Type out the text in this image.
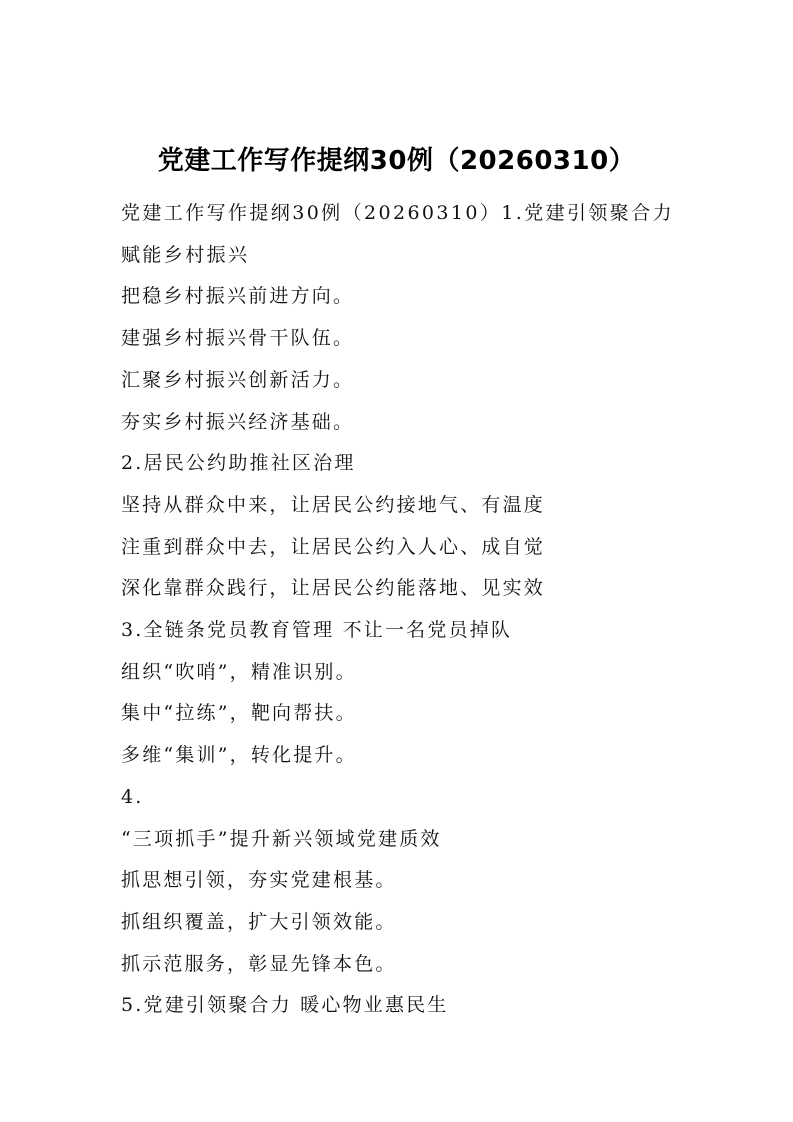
党建工作写作提纲30例（20260310）

党建工作写作提纲30例（20260310）1.党建引领聚合力 赋能乡村振兴

把稳乡村振兴前进方向。

建强乡村振兴骨干队伍。

汇聚乡村振兴创新活力。

夯实乡村振兴经济基础。

2.居民公约助推社区治理

坚持从群众中来，让居民公约接地气、有温度

注重到群众中去，让居民公约入人心、成自觉

深化靠群众践行，让居民公约能落地、见实效

3.全链条党员教育管理 不让一名党员掉队

组织“吹哨”，精准识别。

集中“拉练”，靶向帮扶。

多维“集训”，转化提升。

4.

“三项抓手”提升新兴领域党建质效

抓思想引领，夯实党建根基。

抓组织覆盖，扩大引领效能。

抓示范服务，彰显先锋本色。

5.党建引领聚合力 暖心物业惠民生
